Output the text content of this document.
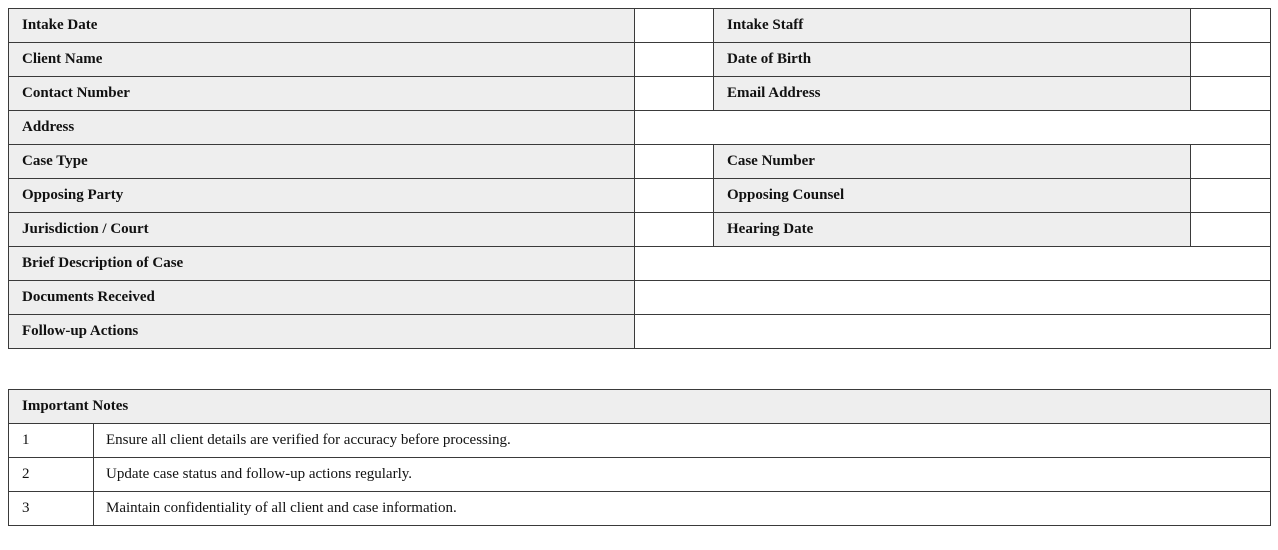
Intake Date		Intake Staff	
Client Name		Date of Birth	
Contact Number		Email Address	
Address			
Case Type		Case Number	
Opposing Party		Opposing Counsel	
Jurisdiction / Court		Hearing Date	
Brief Description of Case			
Documents Received			
Follow-up Actions			
Important Notes	
1	Ensure all client details are verified for accuracy before processing.
2	Update case status and follow-up actions regularly.
3	Maintain confidentiality of all client and case information.
